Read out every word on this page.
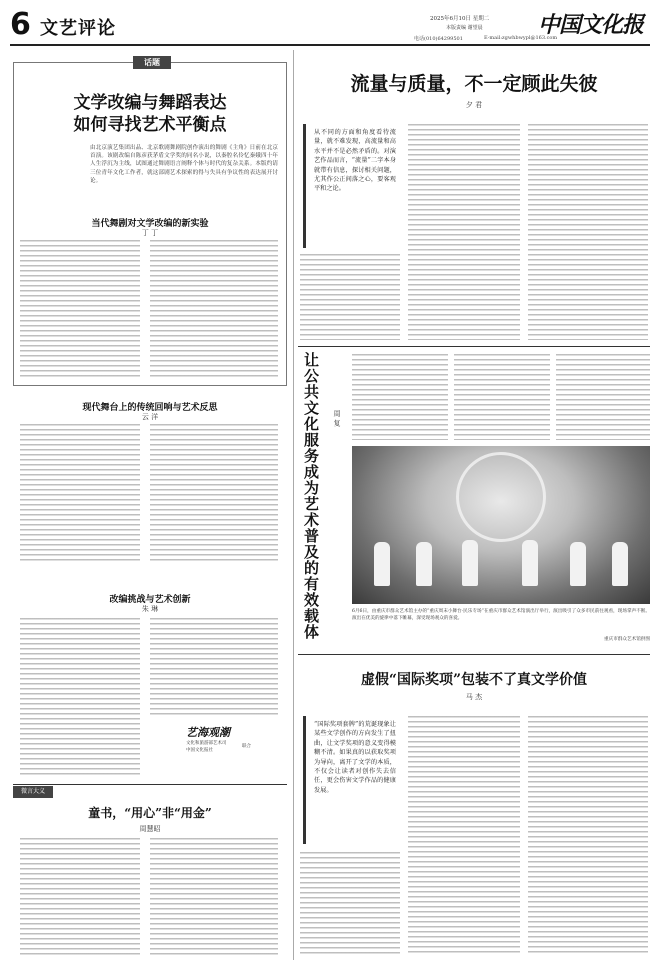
6 文艺评论	2025年6月10日 星期二
本版责编 谢望晨	中国文化报
电话(010)64299501	E-mail:zgwhbwypl@163.com
话题
文学改编与舞蹈表达
如何寻找艺术平衡点
由北京演艺集团出品、北京歌剧舞剧院创作演出的舞剧《主角》日前在北京首演。该剧改编自陈彦获茅盾文学奖的同名小说，以秦腔名伶忆秦娥四十年人生浮沉为主线，试图通过舞剧语言阐释个体与时代的复杂关系。本版约请三位青年文化工作者，就这部剧艺术探索的得与失具有争议性的表达展开讨论。
当代舞剧对文学改编的新实验
丁 丁
现代舞台上的传统回响与艺术反思
云 洋
改编挑战与艺术创新
朱 琳
艺海观潮
文化和旅游部艺术司
中国文化报社
联合
微言大义
童书，“用心”非“用金”
周慧昭
流量与质量，不一定顾此失彼
夕 君
从不同的方面和角度看待流量，就不难发现，高流量和高水平并不是必然矛盾的。对演艺作品而言，“流量”二字本身就带有信息，探讨相关问题，尤其作公正间落之心，要客观平和之论。
让公共文化服务成为艺术普及的有效载体 周 复
6月6日，由重庆市群众艺术馆主办的“重庆周末小舞台·民乐专场”在重庆市群众艺术馆演出厅举行，演出吸引了众多市民前往观看，现场掌声不断。演出在优美的旋律中落下帷幕，深受现场观众的喜爱。
重庆市群众艺术馆供图
虚假“国际奖项”包装不了真文学价值
马 杰
“国际奖项套牌”的荒诞现象让某些文学创作的方向发生了扭曲，让文学奖项的意义变得模糊不清。如果真的以获取奖项为导向，离开了文学的本质，不仅会让读者对创作失去信任，更会伤害文学作品的健康发展。
